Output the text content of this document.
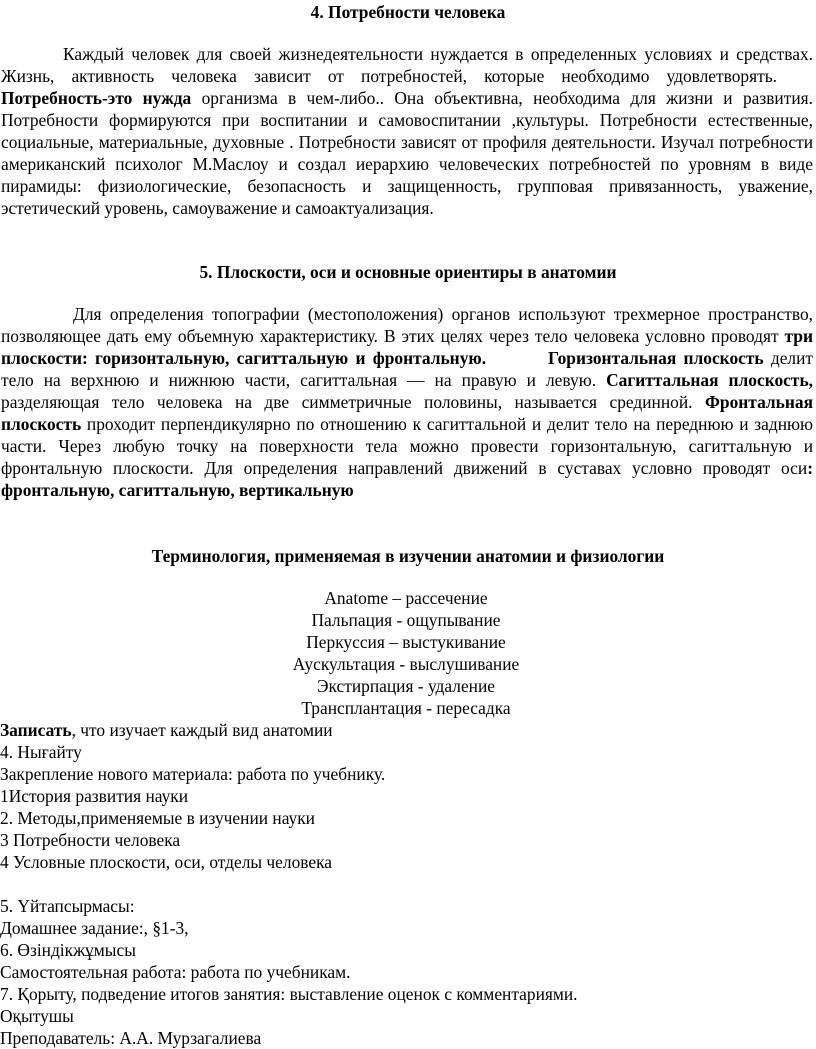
4. Потребности человека
Каждый человек для своей жизнедеятельности нуждается в определенных условиях и средствах. Жизнь, активность человека зависит от потребностей, которые необходимо удовлетворять.Потребность-это нужда организма в чем-либо.. Она объективна, необходима для жизни и развития. Потребности формируются при воспитании и самовоспитании ,культуры. Потребности естественные, социальные, материальные, духовные . Потребности зависят от профиля деятельности. Изучал потребности американский психолог М.Маслоу и создал иерархию человеческих потребностей по уровням в виде пирамиды: физиологические, безопасность и защищенность, групповая привязанность, уважение, эстетический уровень, самоуважение и самоактуализация.
5. Плоскости, оси и основные ориентиры в анатомии
Для определения топографии (местоположения) органов используют трехмерное пространство, позволяющее дать ему объемную характеристику. В этих целях через тело человека условно проводят три плоскости: горизонтальную, сагиттальную и фронтальную.	Горизонтальная плоскость делит тело на верхнюю и нижнюю части, сагиттальная — на правую и левую. Сагиттальная плоскость, разделяющая тело человека на две симметричные половины, называется срединной. Фронтальная плоскость проходит перпендикулярно по отношению к сагиттальной и делит тело на переднюю и заднюю части. Через любую точку на поверхности тела можно провести горизонтальную, сагиттальную и фронтальную плоскости. Для определения направлений движений в суставах условно проводят оси: фронтальную, сагиттальную, вертикальную
Терминология, применяемая в изучении анатомии и физиологии
Anatome – рассечение
Пальпация - ощупывание
Перкуссия – выстукивание
Аускультация - выслушивание
Экстирпация - удаление
Трансплантация - пересадка
Записать, что изучает каждый вид анатомии
4. Нығайту
Закрепление нового материала: работа по учебнику.
1История развития науки
2. Методы,применяемые в изучении науки
3 Потребности человека
4 Условные плоскости, оси, отделы человека
5. Үйтапсырмасы:
Домашнее задание:, §1-3,
6. Өзіндікжұмысы
Самостоятельная работа: работа по учебникам.
7. Қорыту, подведение итогов занятия: выставление оценок с комментариями.
Оқытушы
Преподаватель: А.А. Мурзагалиева
